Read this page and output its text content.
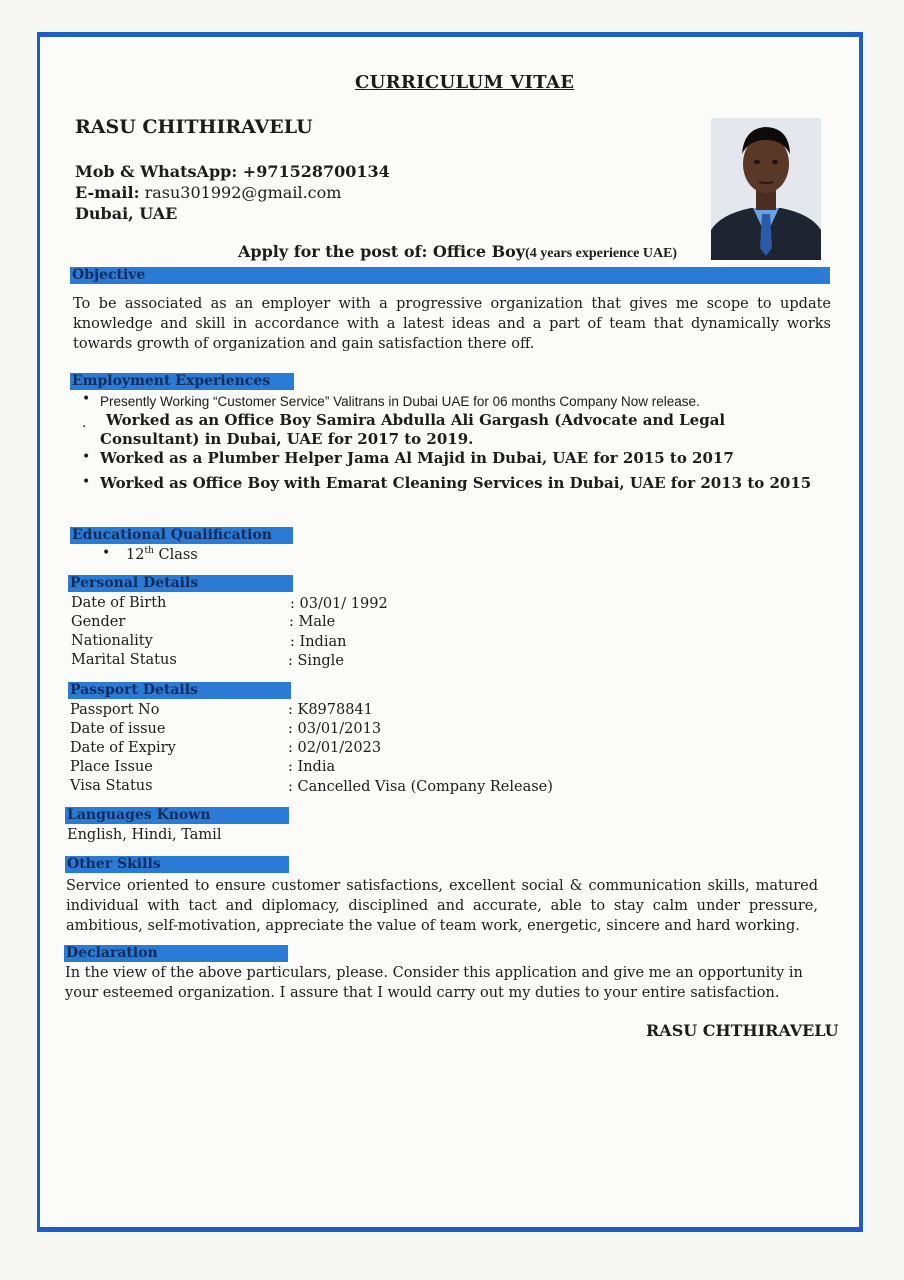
CURRICULUM VITAE
RASU CHITHIRAVELU
Mob & WhatsApp: +971528700134
E-mail: rasu301992@gmail.com
Dubai, UAE
Apply for the post of: Office Boy(4 years experience UAE)
Objective
To be associated as an employer with a progressive organization that gives me scope to update knowledge and skill in accordance with a latest ideas and a part of team that dynamically works towards growth of organization and gain satisfaction there off.
Employment Experiences
• Presently Working “Customer Service” Valitrans in Dubai UAE for 06 months Company Now release.
. Worked as an Office Boy Samira Abdulla Ali Gargash (Advocate and Legal
Consultant) in Dubai, UAE for 2017 to 2019.
• Worked as a Plumber Helper Jama Al Majid in Dubai, UAE for 2015 to 2017
• Worked as Office Boy with Emarat Cleaning Services in Dubai, UAE for 2013 to 2015
Educational Qualification
• 12th Class
Personal Details
Date of Birth	: 03/01/ 1992
Gender	: Male
Nationality	: Indian
Marital Status	: Single
Passport Details
Passport No	: K8978841
Date of issue	: 03/01/2013
Date of Expiry	: 02/01/2023
Place Issue	: India
Visa Status	: Cancelled Visa (Company Release)
Languages Known
English, Hindi, Tamil
Other Skills
Service oriented to ensure customer satisfactions, excellent social & communication skills, matured individual with tact and diplomacy, disciplined and accurate, able to stay calm under pressure, ambitious, self-motivation, appreciate the value of team work, energetic, sincere and hard working.
Declaration
In the view of the above particulars, please. Consider this application and give me an opportunity in your esteemed organization. I assure that I would carry out my duties to your entire satisfaction.
RASU CHTHIRAVELU
